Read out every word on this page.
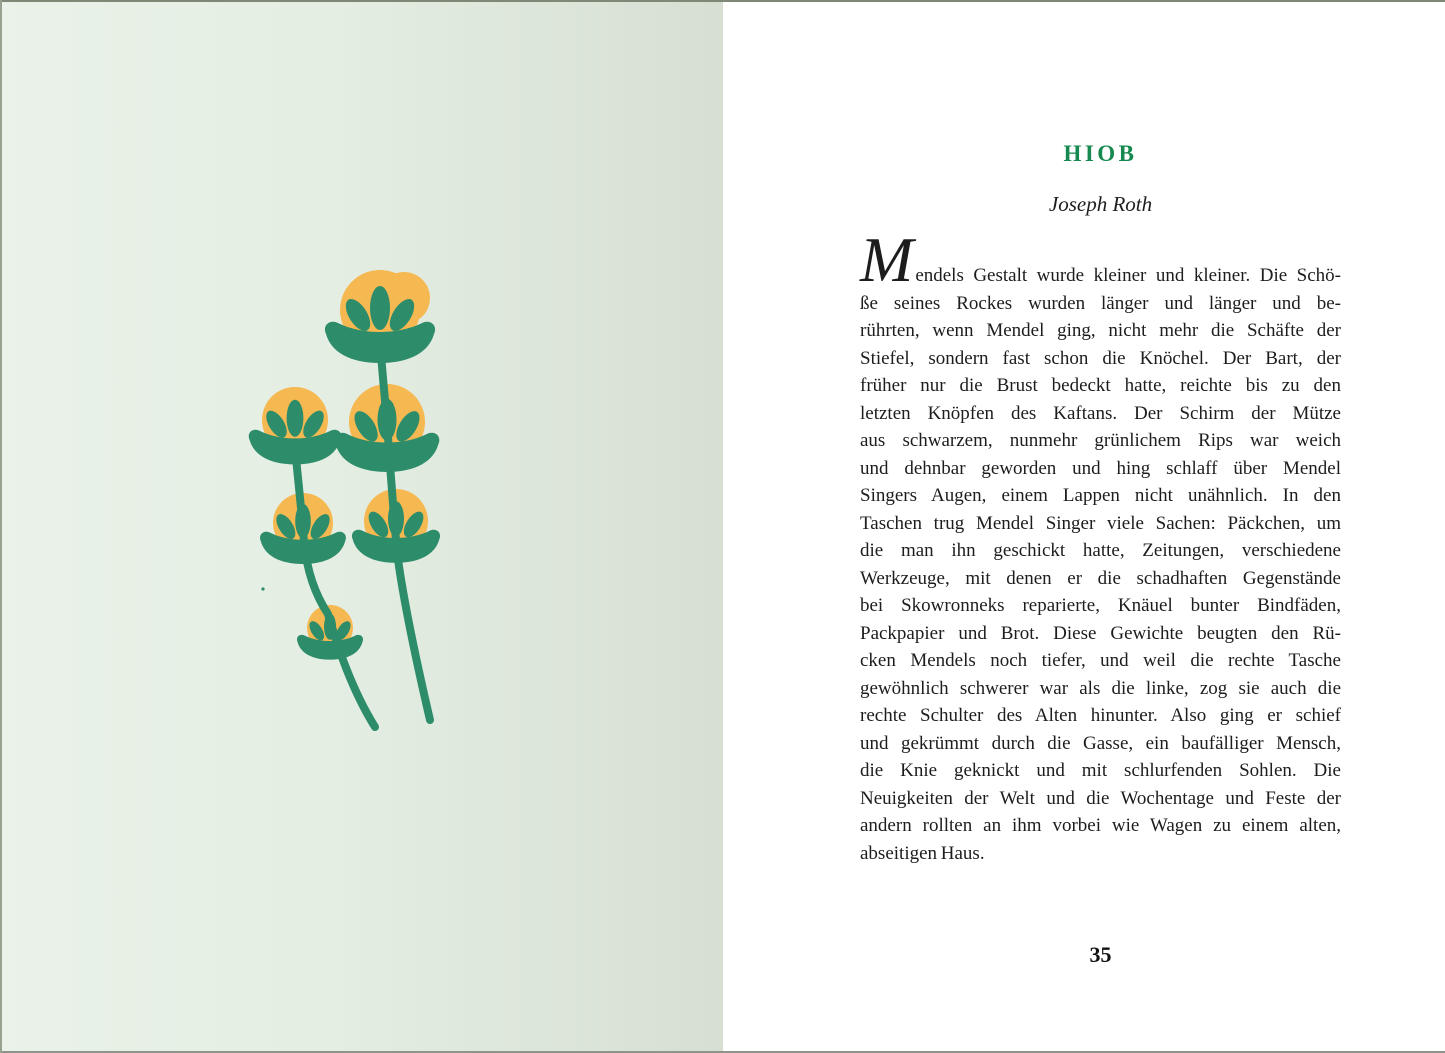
HIOB
Joseph Roth
Mendels Gestalt wurde kleiner und kleiner. Die Schö-
ße seines Rockes wurden länger und länger und be-
rührten, wenn Mendel ging, nicht mehr die Schäfte der
Stiefel, sondern fast schon die Knöchel. Der Bart, der
früher nur die Brust bedeckt hatte, reichte bis zu den
letzten Knöpfen des Kaftans. Der Schirm der Mütze
aus schwarzem, nunmehr grünlichem Rips war weich
und dehnbar geworden und hing schlaff über Mendel
Singers Augen, einem Lappen nicht unähnlich. In den
Taschen trug Mendel Singer viele Sachen: Päckchen, um
die man ihn geschickt hatte, Zeitungen, verschiedene
Werkzeuge, mit denen er die schadhaften Gegenstände
bei Skowronneks reparierte, Knäuel bunter Bindfäden,
Packpapier und Brot. Diese Gewichte beugten den Rü-
cken Mendels noch tiefer, und weil die rechte Tasche
gewöhnlich schwerer war als die linke, zog sie auch die
rechte Schulter des Alten hinunter. Also ging er schief
und gekrümmt durch die Gasse, ein baufälliger Mensch,
die Knie geknickt und mit schlurfenden Sohlen. Die
Neuigkeiten der Welt und die Wochentage und Feste der
andern rollten an ihm vorbei wie Wagen zu einem alten,
abseitigen Haus.
35
